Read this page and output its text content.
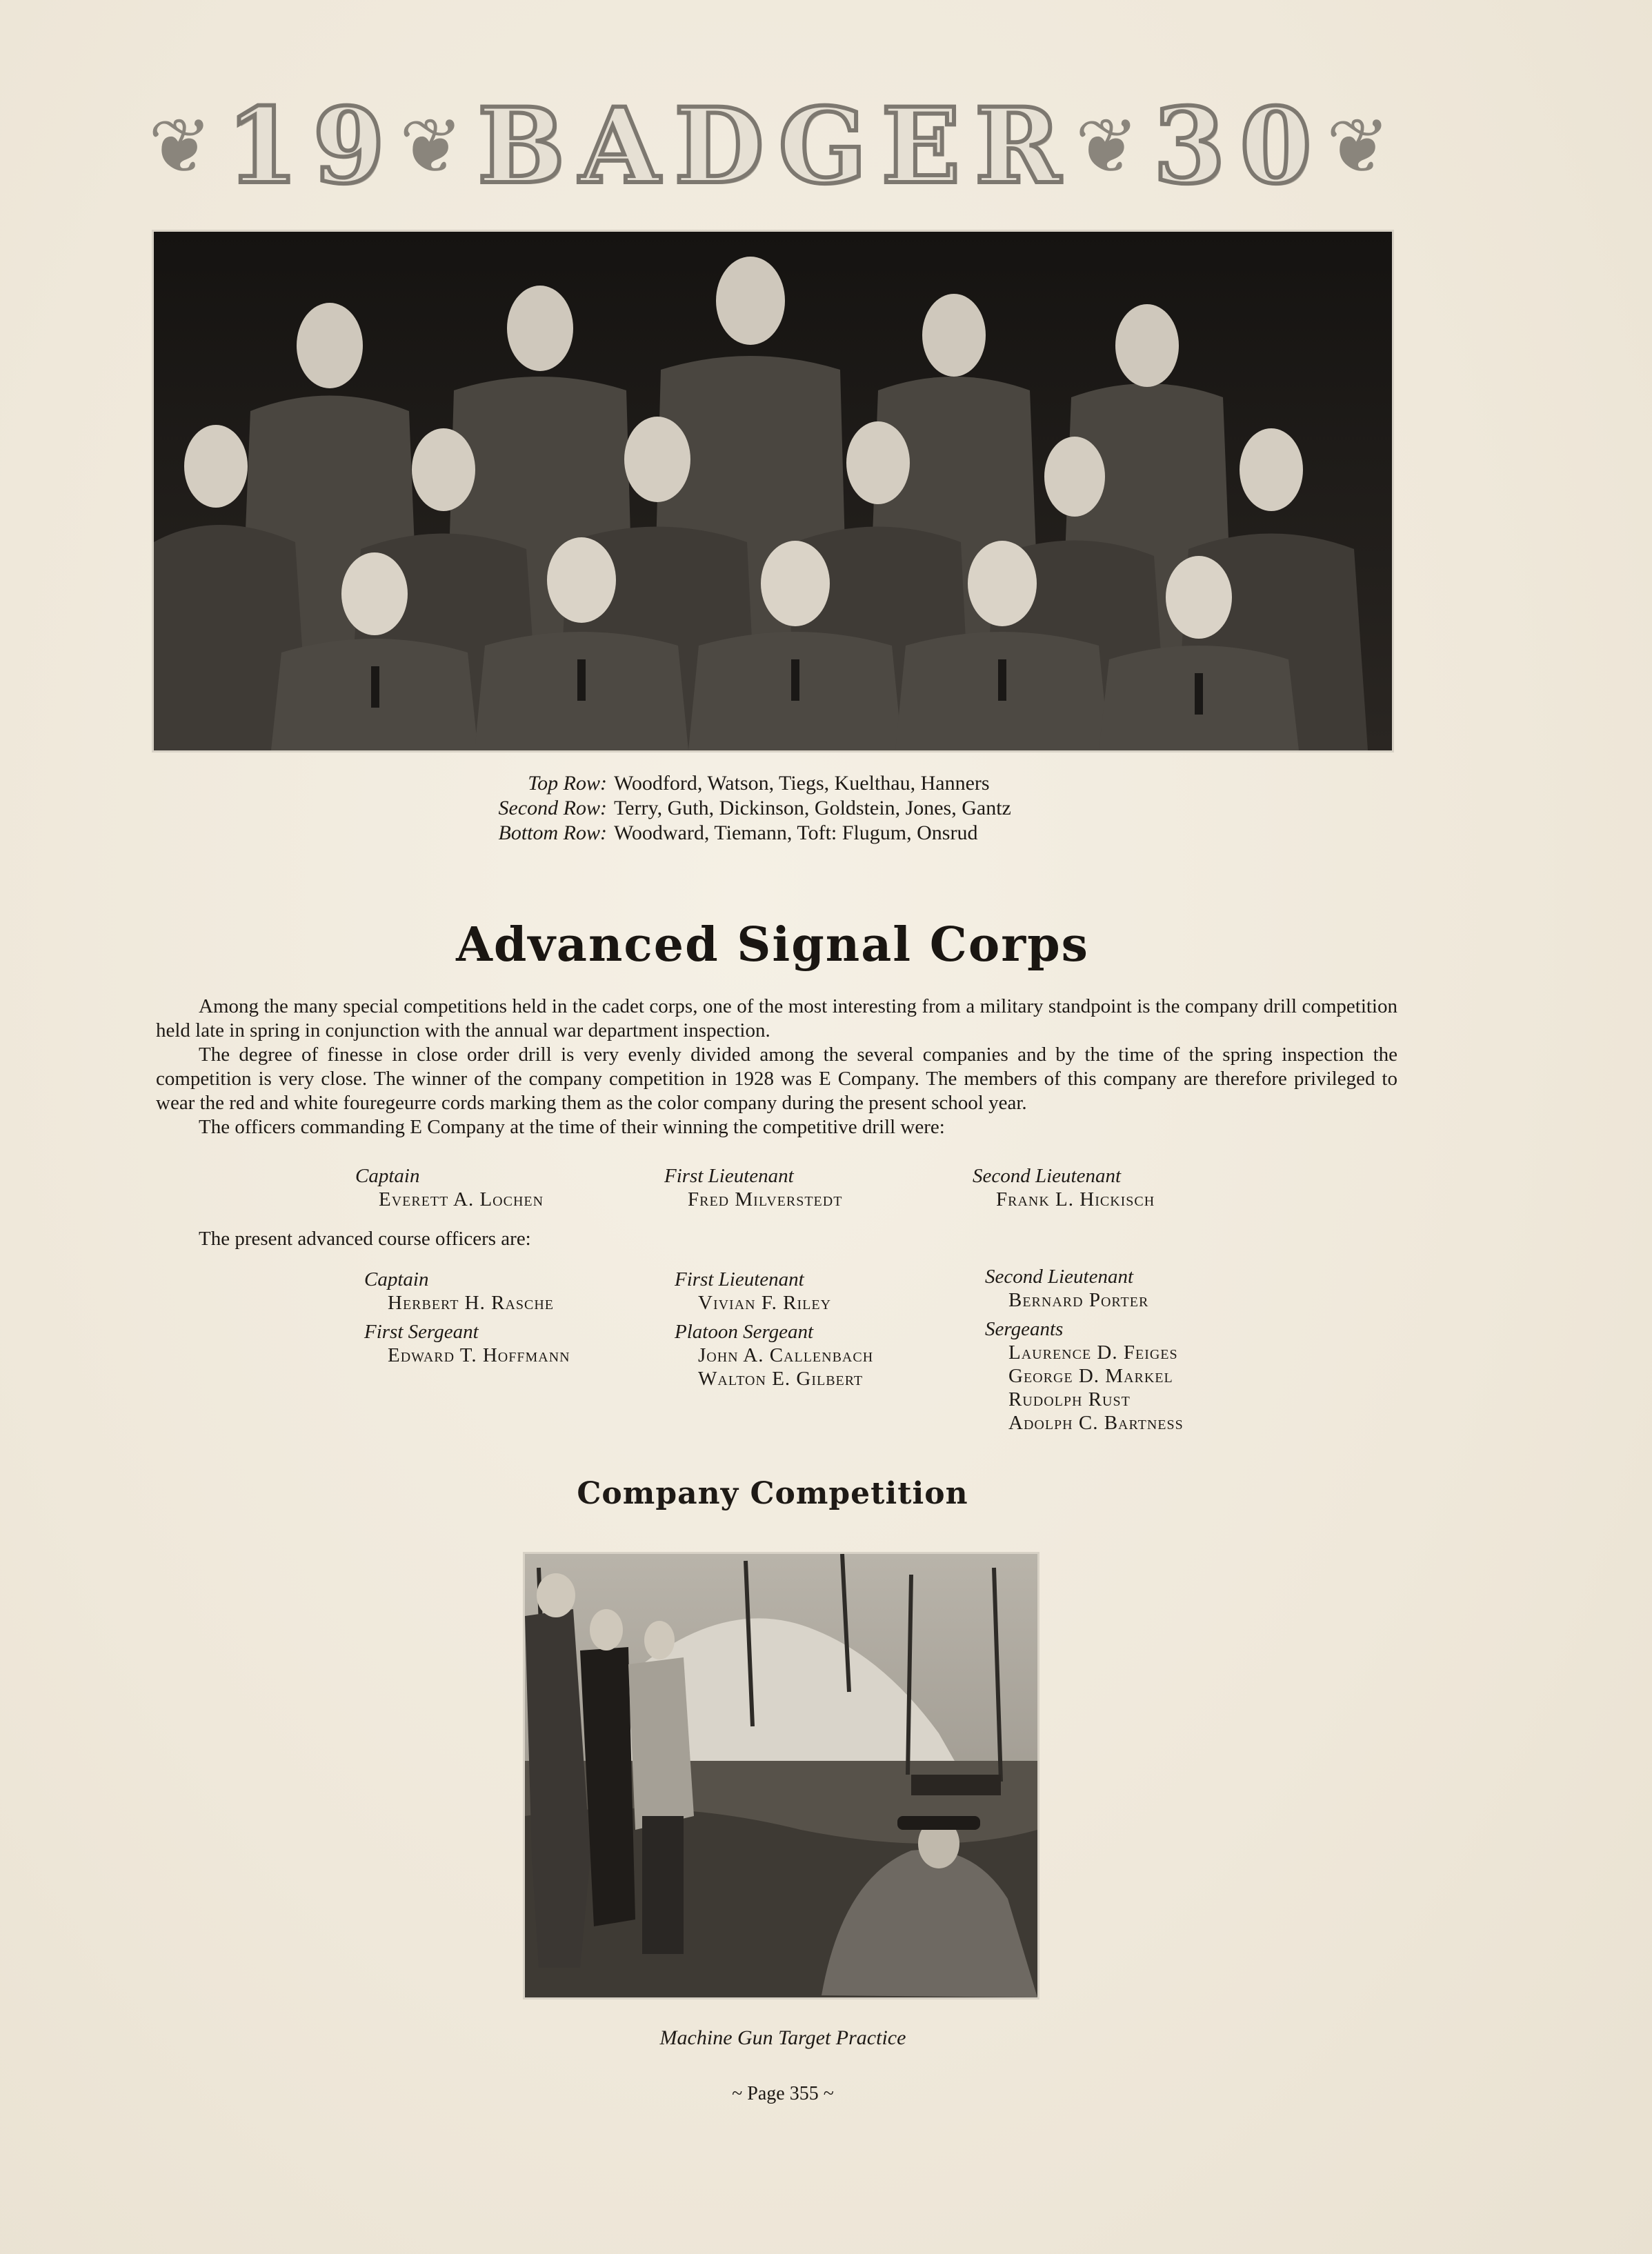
❦ 1 9 ❦ B A D G E R ❦ 3 0 ❦
Top Row: Woodford, Watson, Tiegs, Kuelthau, Hanners
Second Row: Terry, Guth, Dickinson, Goldstein, Jones, Gantz
Bottom Row: Woodward, Tiemann, Toft: Flugum, Onsrud
Advanced Signal Corps

Among the many special competitions held in the cadet corps, one of the most interesting from a military standpoint is the company drill competition held late in spring in conjunction with the annual war department inspection.

The degree of finesse in close order drill is very evenly divided among the several companies and by the time of the spring inspection the competition is very close. The winner of the company competition in 1928 was E Company. The members of this company are therefore privileged to wear the red and white fouregeurre cords marking them as the color company during the present school year.

The officers commanding E Company at the time of their winning the competitive drill were:

Captain
Everett A. Lochen
First Lieutenant
Fred Milverstedt
Second Lieutenant
Frank L. Hickisch
The present advanced course officers are:
Captain
Herbert H. Rasche
First Sergeant
Edward T. Hoffmann
First Lieutenant
Vivian F. Riley
Platoon Sergeant
John A. Callenbach
Walton E. Gilbert
Second Lieutenant
Bernard Porter
Sergeants
Laurence D. Feiges
George D. Markel
Rudolph Rust
Adolph C. Bartness
Company Competition
Machine Gun Target Practice
~ Page 355 ~
